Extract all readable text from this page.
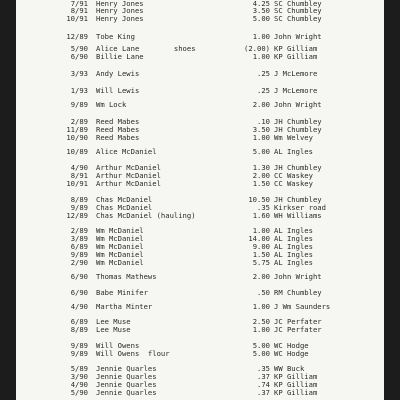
7/91 Henry Jones	4.25 SC Chumbley
8/91 Henry Jones	3.50 SC Chumbley
10/91 Henry Jones	5.00 SC Chumbley
12/89 Tobe King	1.00 John Wright
5/90 Alice Lane        shoes	(2.00) KP Gilliam
6/90 Billie Lane	1.00 KP Gilliam
3/93 Andy Lewis	.25 J McLemore
1/93 Will Lewis	.25 J McLemore
9/89 Wm Lock	2.00 John Wright
2/89 Reed Mabes	.10 JH Chumbley
11/89 Reed Mabes	3.50 JH Chumbley
10/90 Reed Mabes	1.00 Wm Welvey
10/89 Alice McDaniel	5.00 AL Ingles
4/90 Arthur McDaniel	1.30 JH Chumbley
8/91 Arthur McDaniel	2.00 CC Waskey
10/91 Arthur McDaniel	1.50 CC Waskey
8/89 Chas McDaniel	10.50 JH Chumbley
9/89 Chas McDaniel	.35 Kirkser road
12/89 Chas McDaniel (hauling)	1.60 WH Williams
2/89 Wm McDaniel	1.00 AL Ingles
3/89 Wm McDaniel	14.00 AL Ingles
6/89 Wm McDaniel	9.00 AL Ingles
9/89 Wm McDaniel	1.50 AL Ingles
2/90 Wm McDaniel	5.75 AL Ingles
6/90 Thomas Mathews	2.00 John Wright
6/90 Babe Minifer	.50 RM Chumbley
4/90 Martha Minter	1.00 J Wm Saunders
6/89 Lee Muse	2.50 JC Perfater
8/89 Lee Muse	1.00 JC Perfater
9/89 Will Owens	5.00 WC Hodge
9/89 Will Owens  flour	5.00 WC Hodge
5/89 Jennie Quarles	.35 WW Buck
3/90 Jennie Quarles	.37 KP Gilliam
4/90 Jennie Quarles	.74 KP Gilliam
5/90 Jennie Quarles	.37 KP Gilliam
